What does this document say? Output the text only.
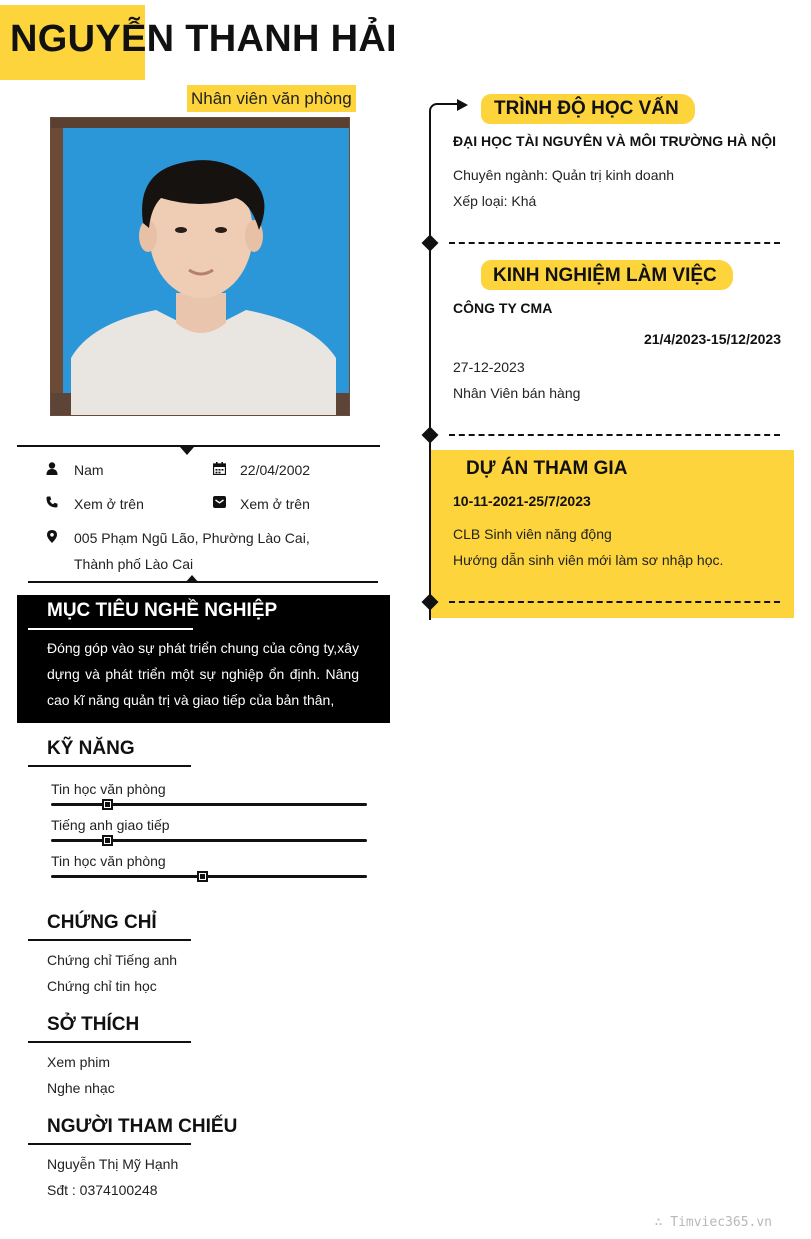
NGUYỄN THANH HẢI
Nhân viên văn phòng
Nam	22/04/2002
Xem ở trên	Xem ở trên
005 Phạm Ngũ Lão, Phường Lào Cai,
Thành phố Lào Cai
MỤC TIÊU NGHỀ NGHIỆP
Đóng góp vào sự phát triển chung của công ty,xây dựng và phát triển một sự nghiệp ổn định. Nâng cao kĩ năng quản trị và giao tiếp của bản thân,
KỸ NĂNG
Tin học văn phòng
Tiếng anh giao tiếp
Tin học văn phòng
CHỨNG CHỈ
Chứng chỉ Tiếng anh
Chứng chỉ tin học
SỞ THÍCH
Xem phim
Nghe nhạc
NGƯỜI THAM CHIẾU
Nguyễn Thị Mỹ Hạnh
Sđt : 0374100248
TRÌNH ĐỘ HỌC VẤN
ĐẠI HỌC TÀI NGUYÊN VÀ MÔI TRƯỜNG HÀ NỘI
Chuyên ngành: Quản trị kinh doanh
Xếp loại: Khá
KINH NGHIỆM LÀM VIỆC
CÔNG TY CMA
21/4/2023-15/12/2023
27-12-2023
Nhân Viên bán hàng
DỰ ÁN THAM GIA
10-11-2021-25/7/2023
CLB Sinh viên năng động
Hướng dẫn sinh viên mới làm sơ nhập học.
∴ Timviec365.vn
